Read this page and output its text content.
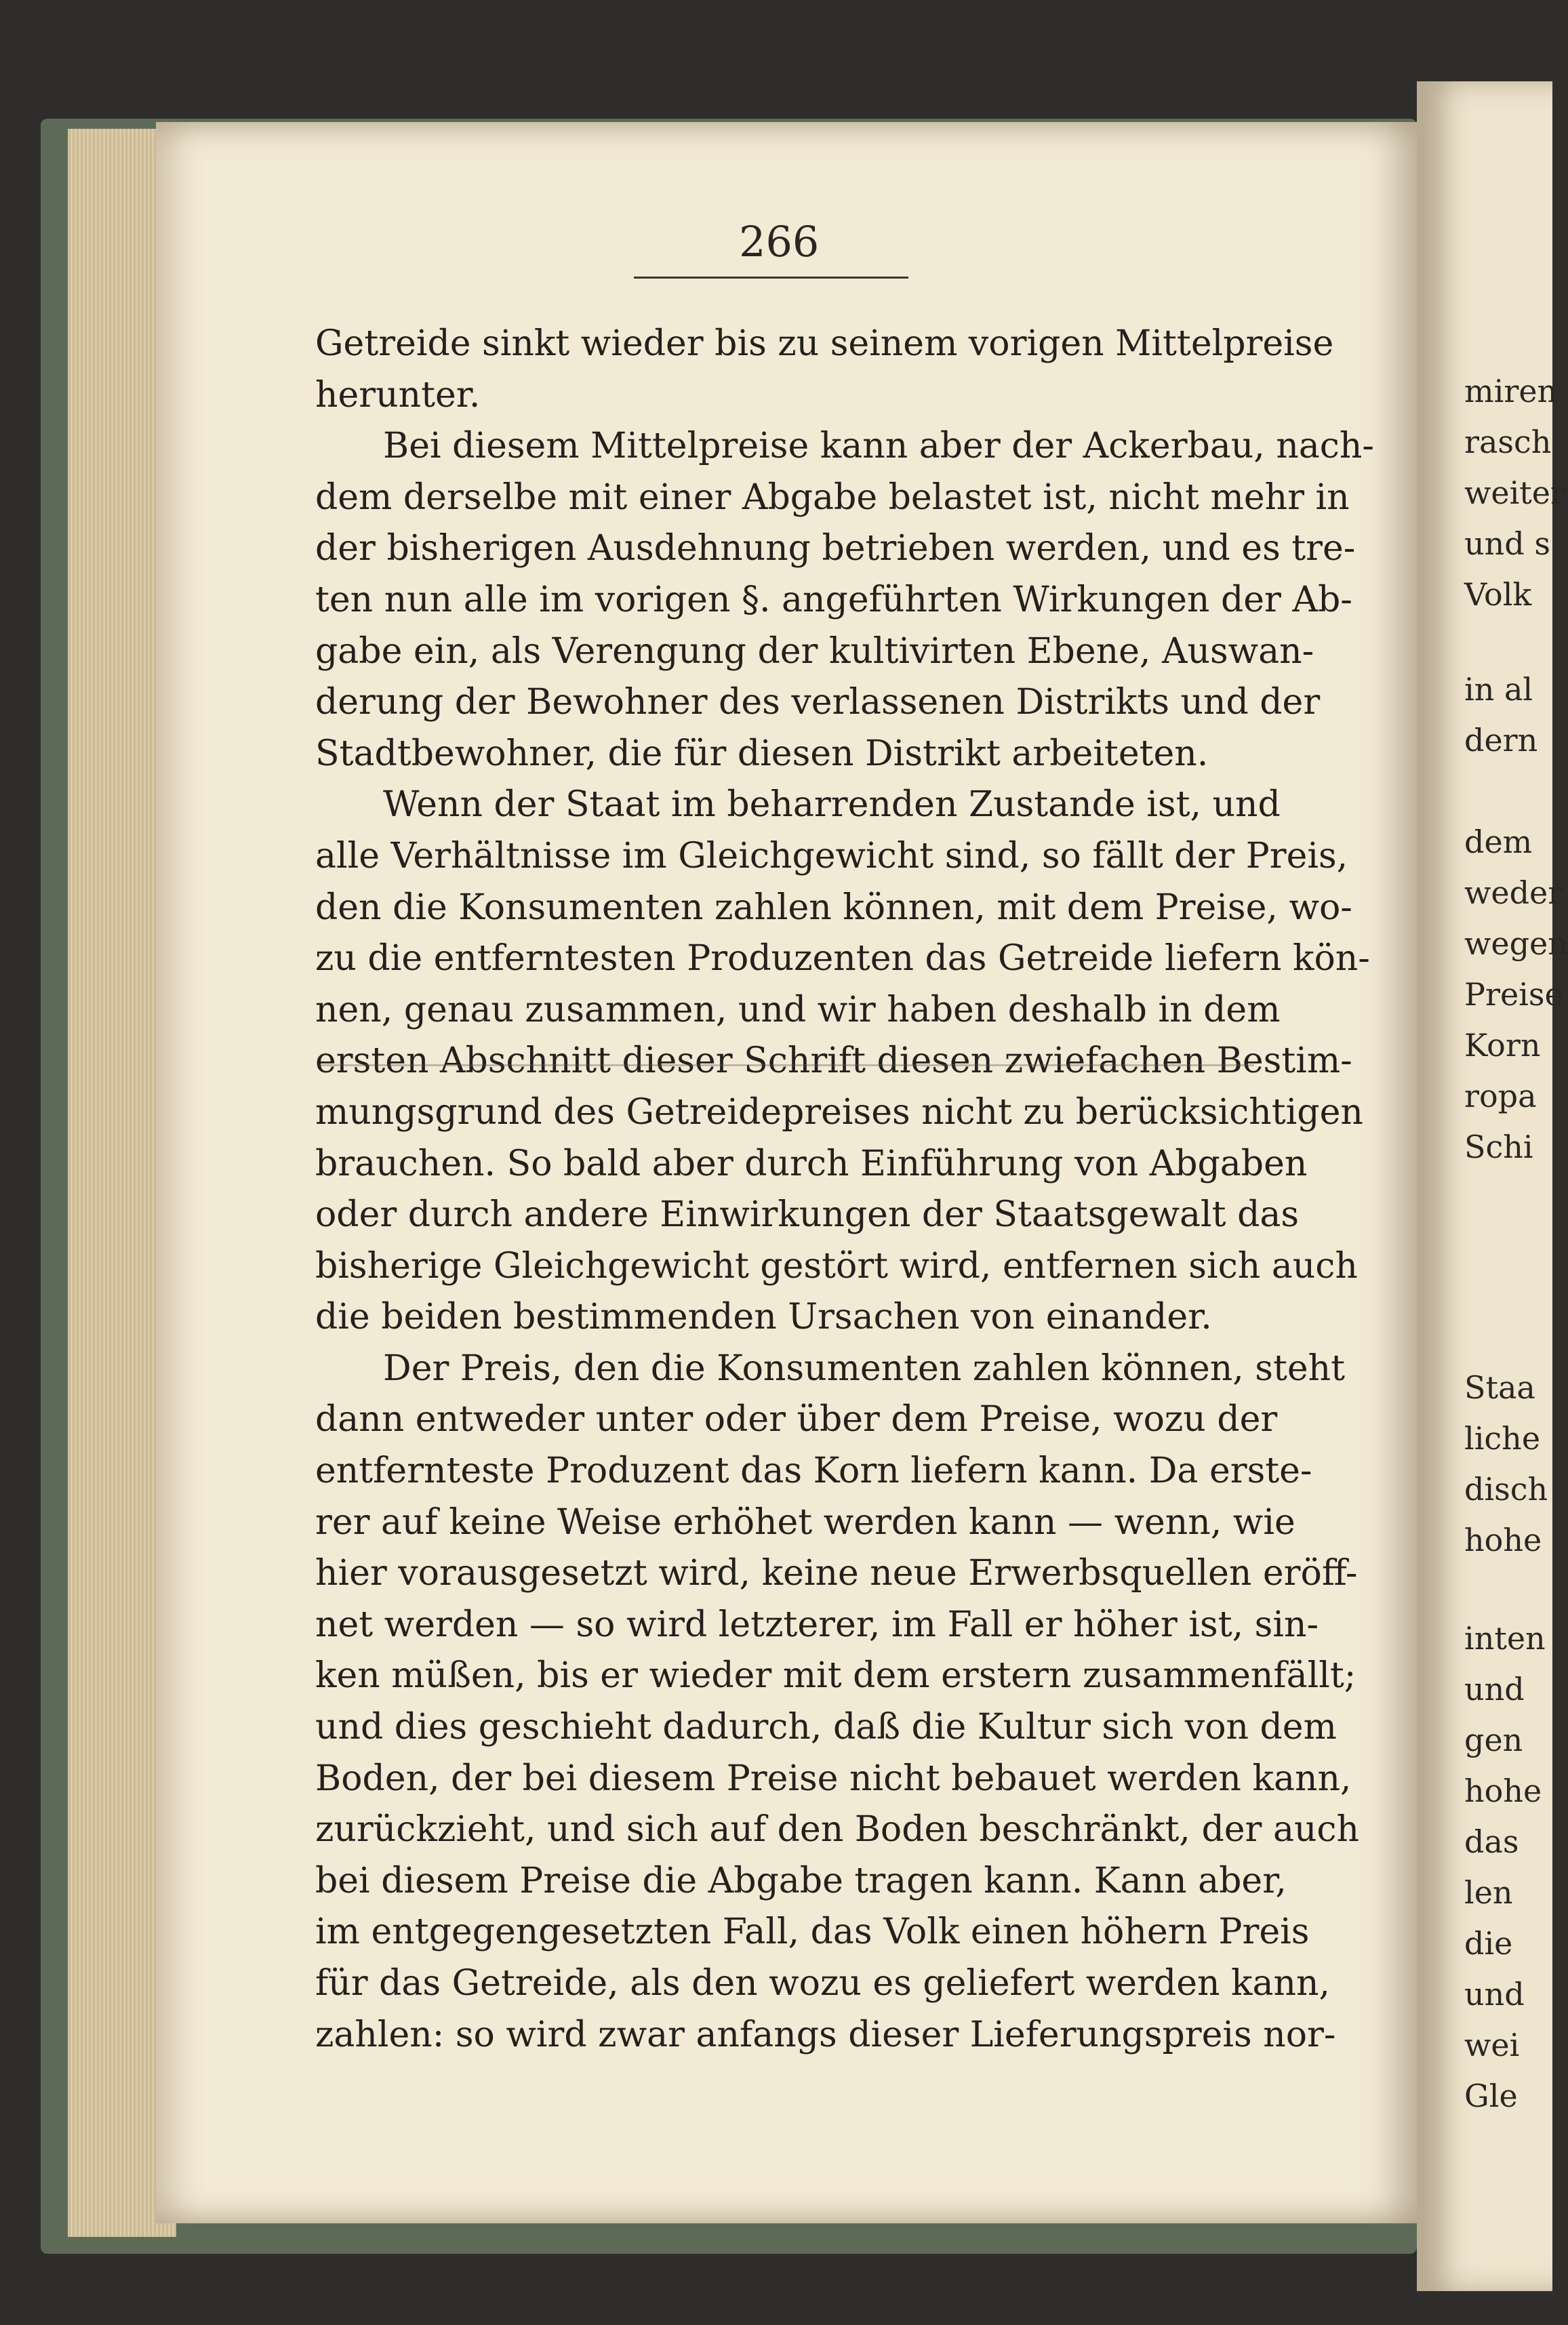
266
Getreide sinkt wieder bis zu seinem vorigen Mittelpreise
herunter.
Bei diesem Mittelpreise kann aber der Ackerbau, nach-
dem derselbe mit einer Abgabe belastet ist, nicht mehr in
der bisherigen Ausdehnung betrieben werden, und es tre-
ten nun alle im vorigen §. angeführten Wirkungen der Ab-
gabe ein, als Verengung der kultivirten Ebene, Auswan-
derung der Bewohner des verlassenen Distrikts und der
Stadtbewohner, die für diesen Distrikt arbeiteten.
Wenn der Staat im beharrenden Zustande ist, und
alle Verhältnisse im Gleichgewicht sind, so fällt der Preis,
den die Konsumenten zahlen können, mit dem Preise, wo-
zu die entferntesten Produzenten das Getreide liefern kön-
nen, genau zusammen, und wir haben deshalb in dem
ersten Abschnitt dieser Schrift diesen zwiefachen Bestim-
mungsgrund des Getreidepreises nicht zu berücksichtigen
brauchen. So bald aber durch Einführung von Abgaben
oder durch andere Einwirkungen der Staatsgewalt das
bisherige Gleichgewicht gestört wird, entfernen sich auch
die beiden bestimmenden Ursachen von einander.
Der Preis, den die Konsumenten zahlen können, steht
dann entweder unter oder über dem Preise, wozu der
entfernteste Produzent das Korn liefern kann. Da erste-
rer auf keine Weise erhöhet werden kann — wenn, wie
hier vorausgesetzt wird, keine neue Erwerbsquellen eröff-
net werden — so wird letzterer, im Fall er höher ist, sin-
ken müßen, bis er wieder mit dem erstern zusammenfällt;
und dies geschieht dadurch, daß die Kultur sich von dem
Boden, der bei diesem Preise nicht bebauet werden kann,
zurückzieht, und sich auf den Boden beschränkt, der auch
bei diesem Preise die Abgabe tragen kann. Kann aber,
im entgegengesetzten Fall, das Volk einen höhern Preis
für das Getreide, als den wozu es geliefert werden kann,
zahlen: so wird zwar anfangs dieser Lieferungspreis nor-
miren
rasch
weiter
und s
Volk
in al
dern
dem
weder
wegen
Preise
Korn
ropa
Schi
Staa
liche
disch
hohe
inten
und
gen
hohe
das
len
die
und
wei
Gle
